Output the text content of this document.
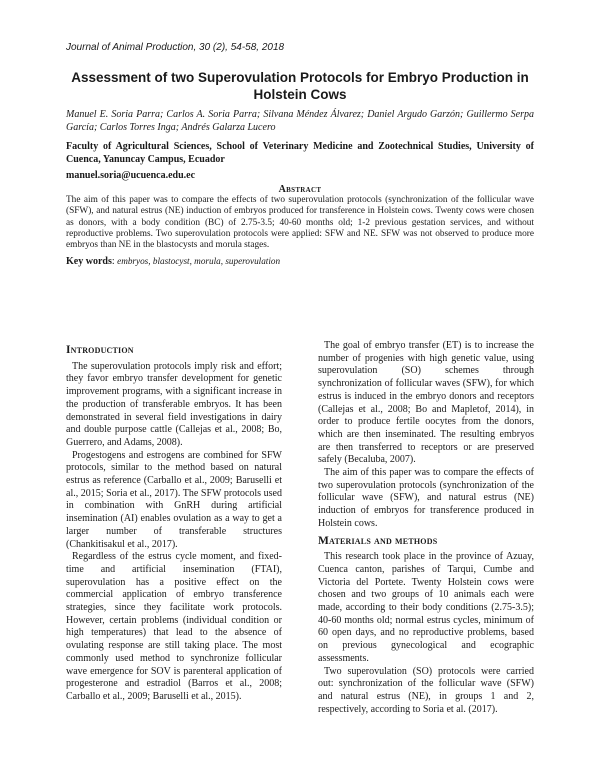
Journal of Animal Production, 30 (2), 54-58, 2018
Assessment of two Superovulation Protocols for Embryo Production in Holstein Cows
Manuel E. Soria Parra; Carlos A. Soria Parra; Silvana Méndez Álvarez; Daniel Argudo Garzón; Guillermo Serpa García; Carlos Torres Inga; Andrés Galarza Lucero
Faculty of Agricultural Sciences, School of Veterinary Medicine and Zootechnical Studies, University of Cuenca, Yanuncay Campus, Ecuador
manuel.soria@ucuenca.edu.ec
Abstract
The aim of this paper was to compare the effects of two superovulation protocols (synchronization of the follicular wave (SFW), and natural estrus (NE) induction of embryos produced for transference in Holstein cows. Twenty cows were chosen as donors, with a body condition (BC) of 2.75-3.5; 40-60 months old; 1-2 previous gestation services, and without reproductive problems. Two superovulation protocols were applied: SFW and NE. SFW was not observed to produce more embryos than NE in the blastocysts and morula stages.
Key words: embryos, blastocyst, morula, superovulation
Introduction

The superovulation protocols imply risk and effort; they favor embryo transfer development for genetic improvement programs, with a significant increase in the production of transferable embryos. It has been demonstrated in several field investigations in dairy and double purpose cattle (Callejas et al., 2008; Bo, Guerrero, and Adams, 2008).

Progestogens and estrogens are combined for SFW protocols, similar to the method based on natural estrus as reference (Carballo et al., 2009; Baruselli et al., 2015; Soria et al., 2017). The SFW protocols used in combination with GnRH during artificial insemination (AI) enables ovulation as a way to get a larger number of transferable structures (Chankitisakul et al., 2017).

Regardless of the estrus cycle moment, and fixed-time and artificial insemination (FTAI), superovulation has a positive effect on the commercial application of embryo transference strategies, since they facilitate work protocols. However, certain problems (individual condition or high temperatures) that lead to the absence of ovulating response are still taking place. The most commonly used method to synchronize follicular wave emergence for SOV is parenteral application of progesterone and estradiol (Barros et al., 2008; Carballo et al., 2009; Baruselli et al., 2015).

The goal of embryo transfer (ET) is to increase the number of progenies with high genetic value, using superovulation (SO) schemes through synchronization of follicular waves (SFW), for which estrus is induced in the embryo donors and receptors (Callejas et al., 2008; Bo and Mapletof, 2014), in order to produce fertile oocytes from the donors, which are then inseminated. The resulting embryos are then transferred to receptors or are preserved safely (Becaluba, 2007).

The aim of this paper was to compare the effects of two superovulation protocols (synchronization of the follicular wave (SFW), and natural estrus (NE) induction of embryos for transference produced in Holstein cows.

Materials and methods

This research took place in the province of Azuay, Cuenca canton, parishes of Tarqui, Cumbe and Victoria del Portete. Twenty Holstein cows were chosen and two groups of 10 animals each were made, according to their body conditions (2.75-3.5); 40-60 months old; normal estrus cycles, minimum of 60 open days, and no reproductive problems, based on previous gynecological and ecographic assessments.

Two superovulation (SO) protocols were carried out: synchronization of the follicular wave (SFW) and natural estrus (NE), in groups 1 and 2, respectively, according to Soria et al. (2017).
